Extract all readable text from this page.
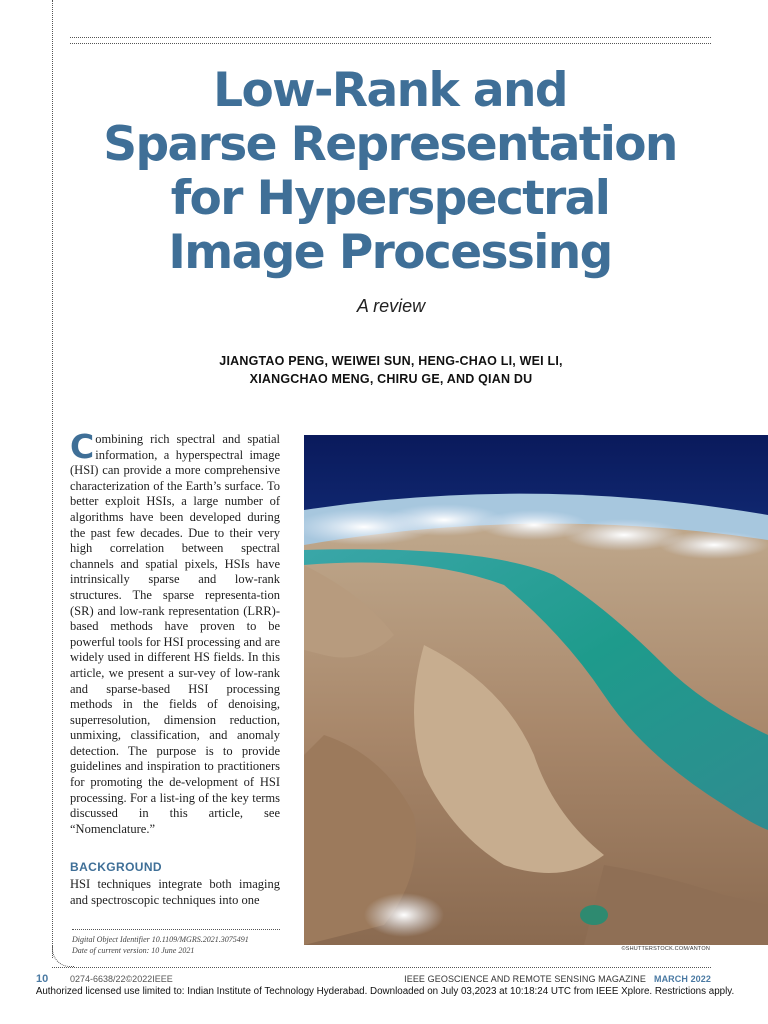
Low-Rank and
Sparse Representation
for Hyperspectral
Image Processing
A review
JIANGTAO PENG, WEIWEI SUN, HENG-CHAO LI, WEI LI,
XIANGCHAO MENG, CHIRU GE, AND QIAN DU
Combining rich spectral and spatial information, a hyperspectral image (HSI) can provide a more comprehensive characterization of the Earth’s surface. To better exploit HSIs, a large number of algorithms have been developed during the past few decades. Due to their very high correlation between spectral channels and spatial pixels, HSIs have intrinsically sparse and low-rank structures. The sparse representa-tion (SR) and low-rank representation (LRR)-based methods have proven to be powerful tools for HSI processing and are widely used in different HS fields. In this article, we present a sur-vey of low-rank and sparse-based HSI processing methods in the fields of denoising, superresolution, dimension reduction, unmixing, classification, and anomaly detection. The purpose is to provide guidelines and inspiration to practitioners for promoting the de-velopment of HSI processing. For a list-ing of the key terms discussed in this article, see “Nomenclature.”
BACKGROUND
HSI techniques integrate both imaging and spectroscopic techniques into one
Digital Object Identifier 10.1109/MGRS.2021.3075491
Date of current version: 10 June 2021	©SHUTTERSTOCK.COM/ANTON
10 0274-6638/22©2022IEEE	IEEE GEOSCIENCE AND REMOTE SENSING MAGAZINE MARCH 2022
Authorized licensed use limited to: Indian Institute of Technology Hyderabad. Downloaded on July 03,2023 at 10:18:24 UTC from IEEE Xplore. Restrictions apply.
